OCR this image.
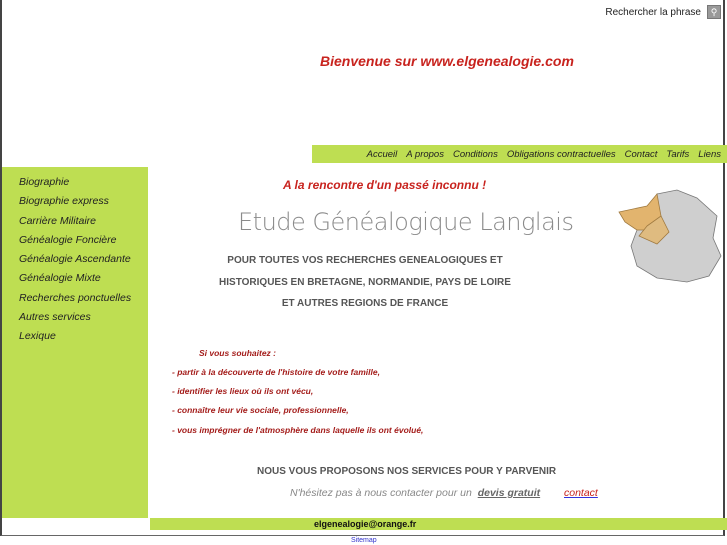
Rechercher la phrase	⚲
Bienvenue sur www.elgenealogie.com
Accueil A propos Conditions Obligations contractuelles Contact Tarifs Liens
Biographie
Biographie express
Carrière Militaire
Généalogie Foncière
Généalogie Ascendante
Généalogie Mixte
Recherches ponctuelles
Autres services
Lexique
A la rencontre d'un passé inconnu !
Etude Généalogique Langlais
POUR TOUTES VOS RECHERCHES GENEALOGIQUES ET
HISTORIQUES EN BRETAGNE, NORMANDIE, PAYS DE LOIRE
ET AUTRES REGIONS DE FRANCE
Si vous souhaitez :
- partir à la découverte de l'histoire de votre famille,
- identifier les lieux où ils ont vécu,
- connaître leur vie sociale, professionnelle,
- vous imprégner de l'atmosphère dans laquelle ils ont évolué,
NOUS VOUS PROPOSONS NOS SERVICES POUR Y PARVENIR
N'hésitez pas à nous contacter pour un devis gratuit contact
elgenealogie@orange.fr
Sitemap
